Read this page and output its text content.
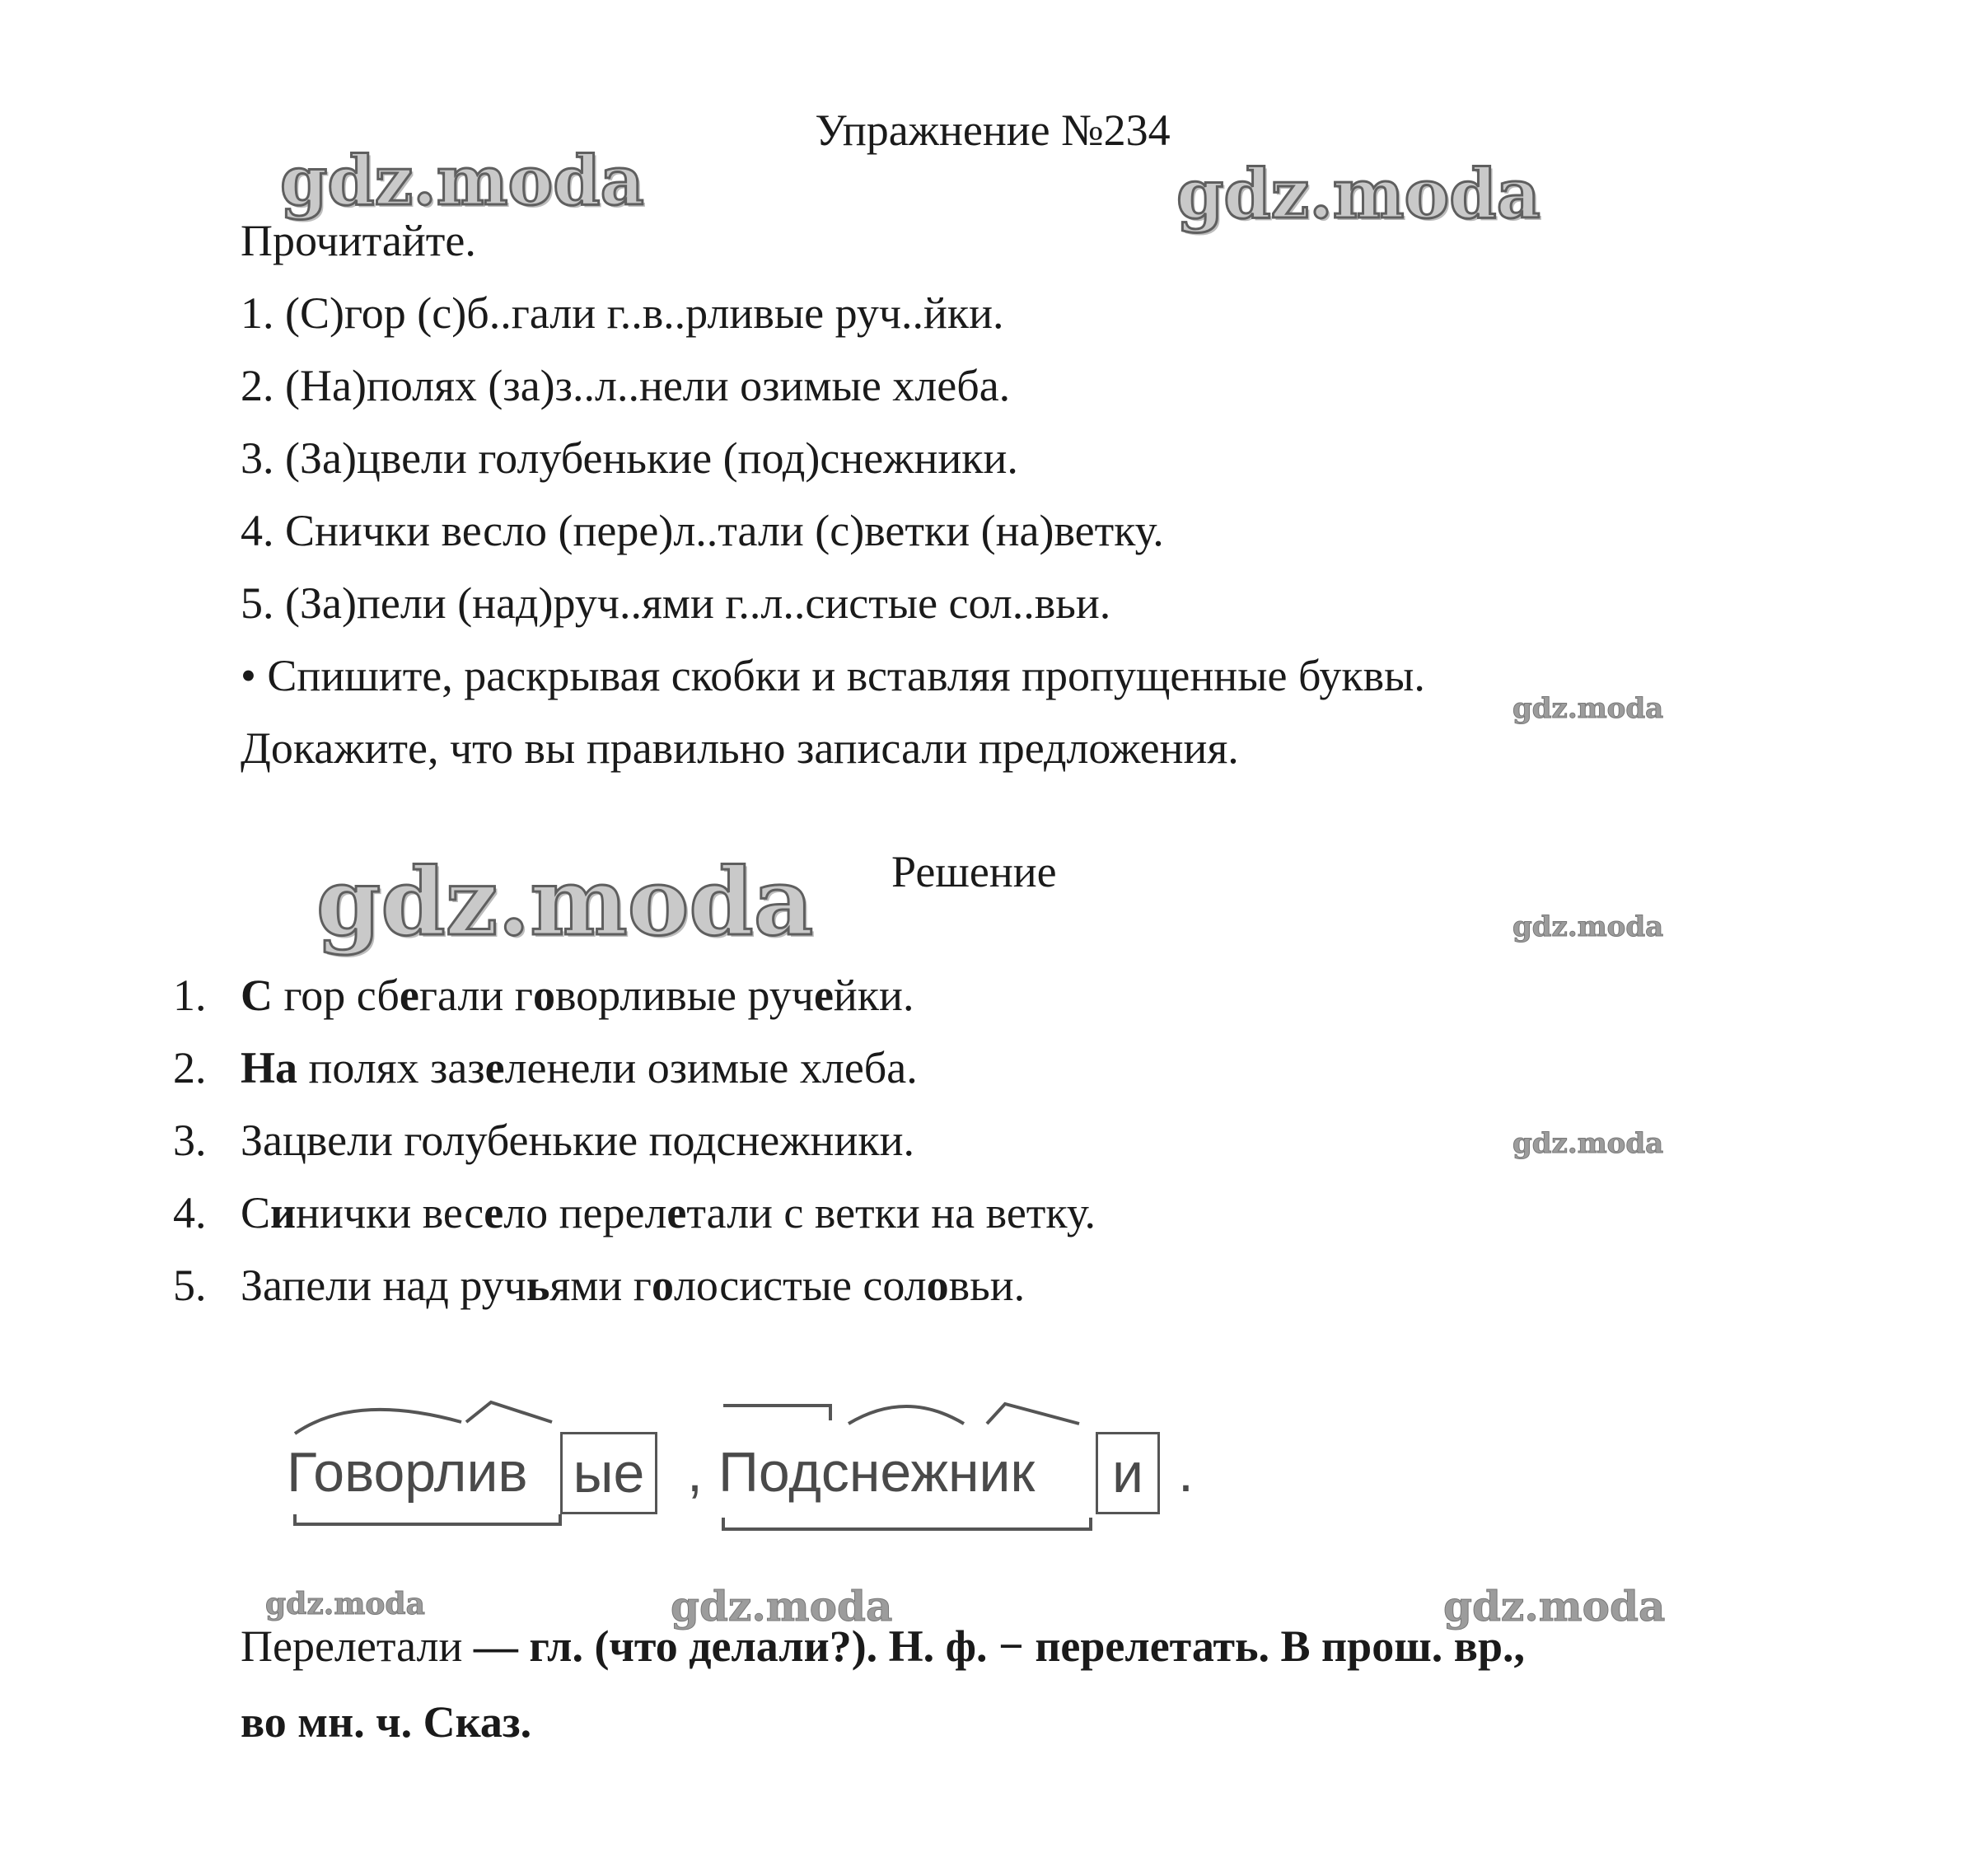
Упражнение №234
gdz.moda	gdz.moda
Прочитайте.
1. (С)гор (с)б..гали г..в..рливые руч..йки.
2. (На)полях (за)з..л..нели озимые хлеба.
3. (За)цвели голубенькие (под)снежники.
4. Снички весло (пере)л..тали (с)ветки (на)ветку.
5. (За)пели (над)руч..ями г..л..систые сол..вьи.
• Спишите, раскрывая скобки и вставляя пропущенные буквы.
gdz.moda
Докажите, что вы правильно записали предложения.
gdz.moda Решение
gdz.moda
1. С гор сбегали говорливые ручейки.
2. На полях зазеленели озимые хлеба.
3. Зацвели голубенькие подснежники.	gdz.moda
4. Синички весело перелетали с ветки на ветку.
5. Запели над ручьями голосистые соловьи.
Говорлив ые , Подснежник и .
gdz.moda	gdz.moda	gdz.moda
Перелетали — гл. (что делали?). Н. ф. − перелетать. В прош. вр.,
во мн. ч. Сказ.
